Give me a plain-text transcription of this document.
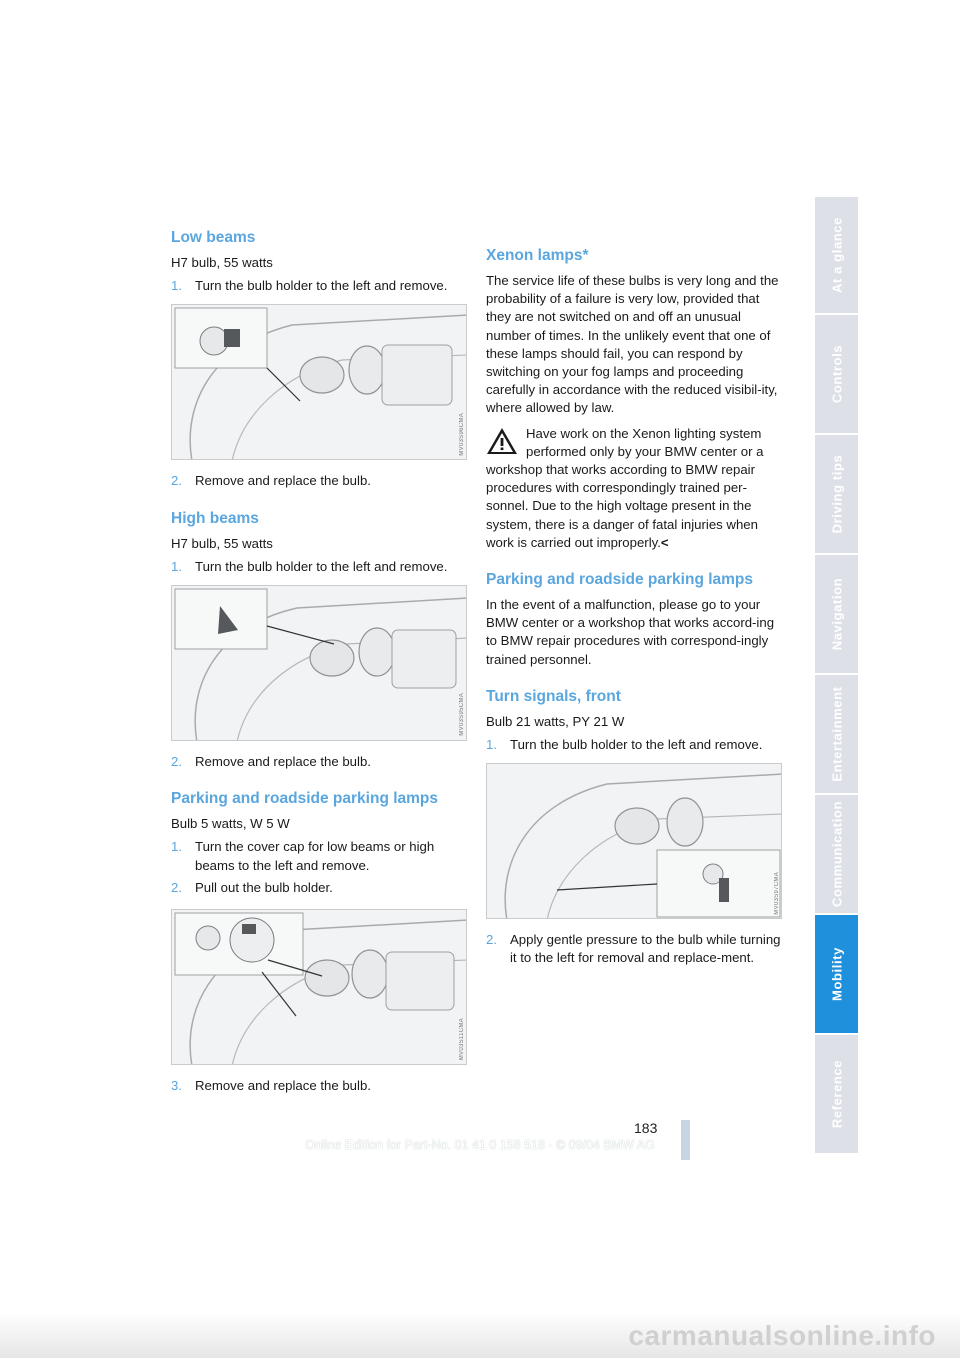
Low beams

H7 bulb, 55 watts

1. Turn the bulb holder to the left and remove.
MV03S96CMA
2. Remove and replace the bulb.
High beams

H7 bulb, 55 watts

1. Turn the bulb holder to the left and remove.
MV03S95CMA
2. Remove and replace the bulb.
Parking and roadside parking lamps

Bulb 5 watts, W 5 W

1. Turn the cover cap for low beams or high beams to the left and remove.
2. Pull out the bulb holder.
MV03S11CMA
3. Remove and replace the bulb.
Xenon lamps*

The service life of these bulbs is very long and the probability of a failure is very low, provided that they are not switched on and off an unusual number of times. In the unlikely event that one of these lamps should fail, you can respond by switching on your fog lamps and proceeding carefully in accordance with the reduced visibil-ity, where allowed by law.

Have work on the Xenon lighting system performed only by your BMW center or a workshop that works according to BMW repair procedures with correspondingly trained per-sonnel. Due to the high voltage present in the system, there is a danger of fatal injuries when work is carried out improperly.<

Parking and roadside parking lamps

In the event of a malfunction, please go to your BMW center or a workshop that works accord-ing to BMW repair procedures with correspond-ingly trained personnel.

Turn signals, front

Bulb 21 watts, PY 21 W

1. Turn the bulb holder to the left and remove.
MV03S97CMA
2. Apply gentle pressure to the bulb while turning it to the left for removal and replace-ment.
At a glance
Controls
Driving tips
Navigation
Entertainment
Communication
Mobility
Reference
183
Online Edition for Part-No. 01 41 0 158 518 - © 09/04 BMW AG
carmanualsonline.info
